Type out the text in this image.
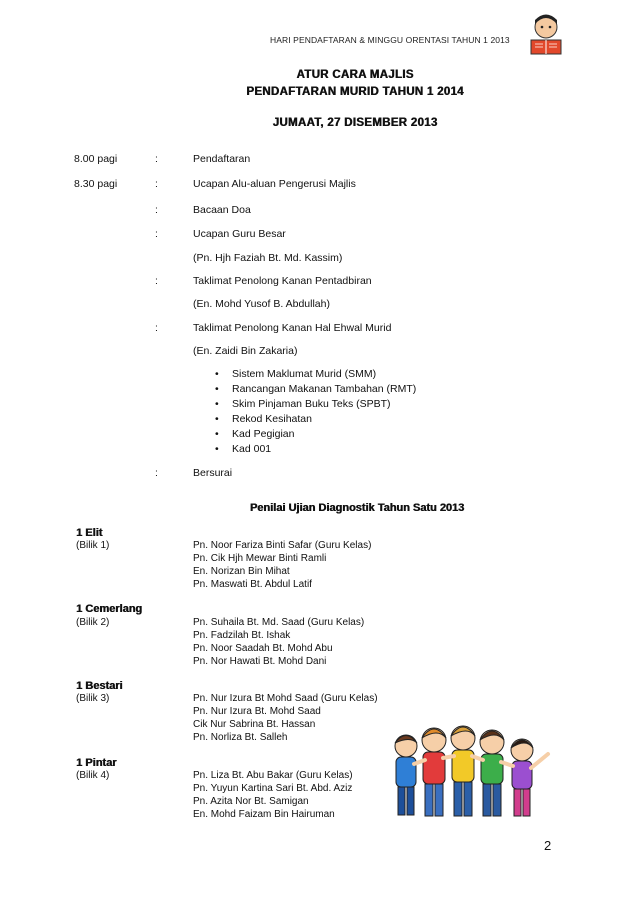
HARI PENDAFTARAN & MINGGU ORENTASI TAHUN 1 2013
ATUR CARA MAJLIS
PENDAFTARAN MURID TAHUN 1 2014
JUMAAT, 27 DISEMBER 2013
8.00 pagi	:	Pendaftaran
8.30 pagi	:	Ucapan Alu-aluan Pengerusi Majlis
:	Bacaan Doa
:	Ucapan Guru Besar
(Pn. Hjh Faziah Bt. Md. Kassim)
:	Taklimat Penolong Kanan Pentadbiran
(En. Mohd Yusof B. Abdullah)
:	Taklimat Penolong Kanan Hal Ehwal Murid
(En. Zaidi Bin Zakaria)
• Sistem Maklumat Murid (SMM)
• Rancangan Makanan Tambahan (RMT)
• Skim Pinjaman Buku Teks (SPBT)
• Rekod Kesihatan
• Kad Pegigian
• Kad 001
:	Bersurai
Penilai Ujian Diagnostik Tahun Satu 2013
1 Elit
(Bilik 1)	Pn. Noor Fariza Binti Safar (Guru Kelas)
Pn. Cik Hjh Mewar Binti Ramli
En. Norizan Bin Mihat
Pn. Maswati Bt. Abdul Latif
1 Cemerlang
(Bilik 2)	Pn. Suhaila Bt. Md. Saad (Guru Kelas)
Pn. Fadzilah Bt. Ishak
Pn. Noor Saadah Bt. Mohd Abu
Pn. Nor Hawati Bt. Mohd Dani
1 Bestari
(Bilik 3)	Pn. Nur Izura Bt Mohd Saad (Guru Kelas)
Pn. Nur Izura Bt. Mohd Saad
Cik Nur Sabrina Bt. Hassan
Pn. Norliza Bt. Salleh
1 Pintar
(Bilik 4)	Pn. Liza Bt. Abu Bakar (Guru Kelas)
Pn. Yuyun Kartina Sari Bt. Abd. Aziz
Pn. Azita Nor Bt. Samigan
En. Mohd Faizam Bin Hairuman
2
